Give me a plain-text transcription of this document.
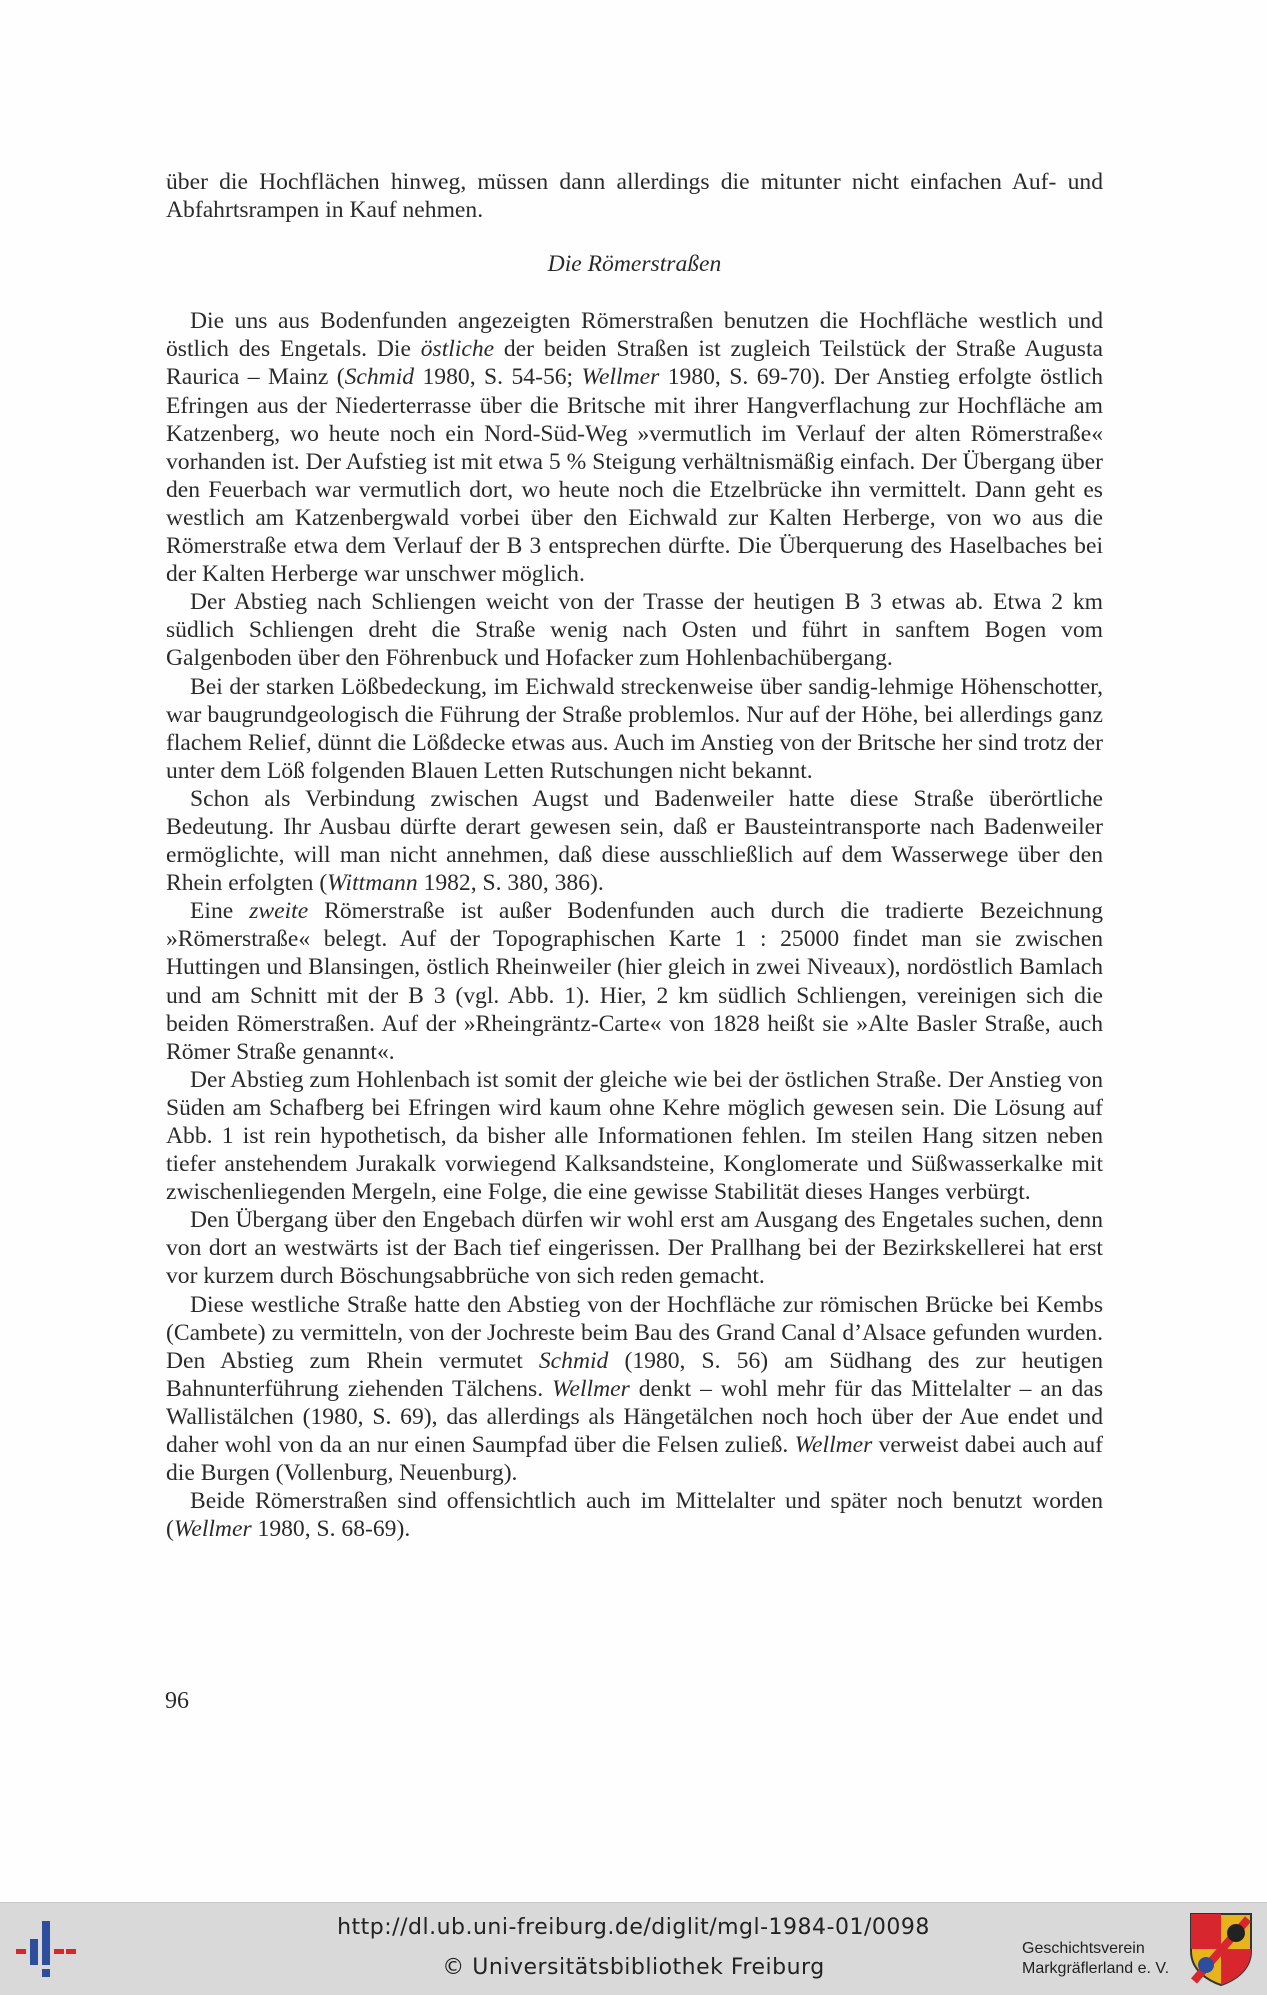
über die Hochflächen hinweg, müssen dann allerdings die mitunter nicht einfachen Auf- und Abfahrtsrampen in Kauf nehmen.

Die Römerstraßen

Die uns aus Bodenfunden angezeigten Römerstraßen benutzen die Hochfläche westlich und östlich des Engetals. Die östliche der beiden Straßen ist zugleich Teilstück der Straße Augusta Raurica – Mainz (Schmid 1980, S. 54-56; Wellmer 1980, S. 69-70). Der Anstieg erfolgte östlich Efringen aus der Niederterrasse über die Britsche mit ihrer Hangverflachung zur Hochfläche am Katzenberg, wo heute noch ein Nord-Süd-Weg »vermutlich im Verlauf der alten Römerstraße« vorhanden ist. Der Aufstieg ist mit etwa 5 % Steigung verhältnismäßig einfach. Der Übergang über den Feuerbach war vermutlich dort, wo heute noch die Etzelbrücke ihn vermittelt. Dann geht es westlich am Katzenbergwald vorbei über den Eichwald zur Kalten Herberge, von wo aus die Römerstraße etwa dem Verlauf der B 3 entsprechen dürfte. Die Überquerung des Haselbaches bei der Kalten Herberge war unschwer möglich.

Der Abstieg nach Schliengen weicht von der Trasse der heutigen B 3 etwas ab. Etwa 2 km südlich Schliengen dreht die Straße wenig nach Osten und führt in sanftem Bogen vom Galgenboden über den Föhrenbuck und Hofacker zum Hohlenbachübergang.

Bei der starken Lößbedeckung, im Eichwald streckenweise über sandig-lehmige Höhenschotter, war baugrundgeologisch die Führung der Straße problemlos. Nur auf der Höhe, bei allerdings ganz flachem Relief, dünnt die Lößdecke etwas aus. Auch im Anstieg von der Britsche her sind trotz der unter dem Löß folgenden Blauen Letten Rutschungen nicht bekannt.

Schon als Verbindung zwischen Augst und Badenweiler hatte diese Straße überörtliche Bedeutung. Ihr Ausbau dürfte derart gewesen sein, daß er Bausteintransporte nach Badenweiler ermöglichte, will man nicht annehmen, daß diese ausschließlich auf dem Wasserwege über den Rhein erfolgten (Wittmann 1982, S. 380, 386).

Eine zweite Römerstraße ist außer Bodenfunden auch durch die tradierte Bezeichnung »Römerstraße« belegt. Auf der Topographischen Karte 1 : 25000 findet man sie zwischen Huttingen und Blansingen, östlich Rheinweiler (hier gleich in zwei Niveaux), nordöstlich Bamlach und am Schnitt mit der B 3 (vgl. Abb. 1). Hier, 2 km südlich Schliengen, vereinigen sich die beiden Römerstraßen. Auf der »Rheingräntz-Carte« von 1828 heißt sie »Alte Basler Straße, auch Römer Straße genannt«.

Der Abstieg zum Hohlenbach ist somit der gleiche wie bei der östlichen Straße. Der Anstieg von Süden am Schafberg bei Efringen wird kaum ohne Kehre möglich gewesen sein. Die Lösung auf Abb. 1 ist rein hypothetisch, da bisher alle Informationen fehlen. Im steilen Hang sitzen neben tiefer anstehendem Jurakalk vorwiegend Kalksandsteine, Konglomerate und Süßwasserkalke mit zwischenliegenden Mergeln, eine Folge, die eine gewisse Stabilität dieses Hanges verbürgt.

Den Übergang über den Engebach dürfen wir wohl erst am Ausgang des Engetales suchen, denn von dort an westwärts ist der Bach tief eingerissen. Der Prallhang bei der Bezirkskellerei hat erst vor kurzem durch Böschungsabbrüche von sich reden gemacht.

Diese westliche Straße hatte den Abstieg von der Hochfläche zur römischen Brücke bei Kembs (Cambete) zu vermitteln, von der Jochreste beim Bau des Grand Canal d’Alsace gefunden wurden. Den Abstieg zum Rhein vermutet Schmid (1980, S. 56) am Südhang des zur heutigen Bahnunterführung ziehenden Tälchens. Wellmer denkt – wohl mehr für das Mittelalter – an das Wallistälchen (1980, S. 69), das allerdings als Hängetälchen noch hoch über der Aue endet und daher wohl von da an nur einen Saumpfad über die Felsen zuließ. Wellmer verweist dabei auch auf die Burgen (Vollenburg, Neuenburg).

Beide Römerstraßen sind offensichtlich auch im Mittelalter und später noch benutzt worden (Wellmer 1980, S. 68-69).

96
http://dl.ub.uni-freiburg.de/diglit/mgl-1984-01/0098
© Universitätsbibliothek Freiburg
Geschichtsverein
Markgräflerland e. V.
